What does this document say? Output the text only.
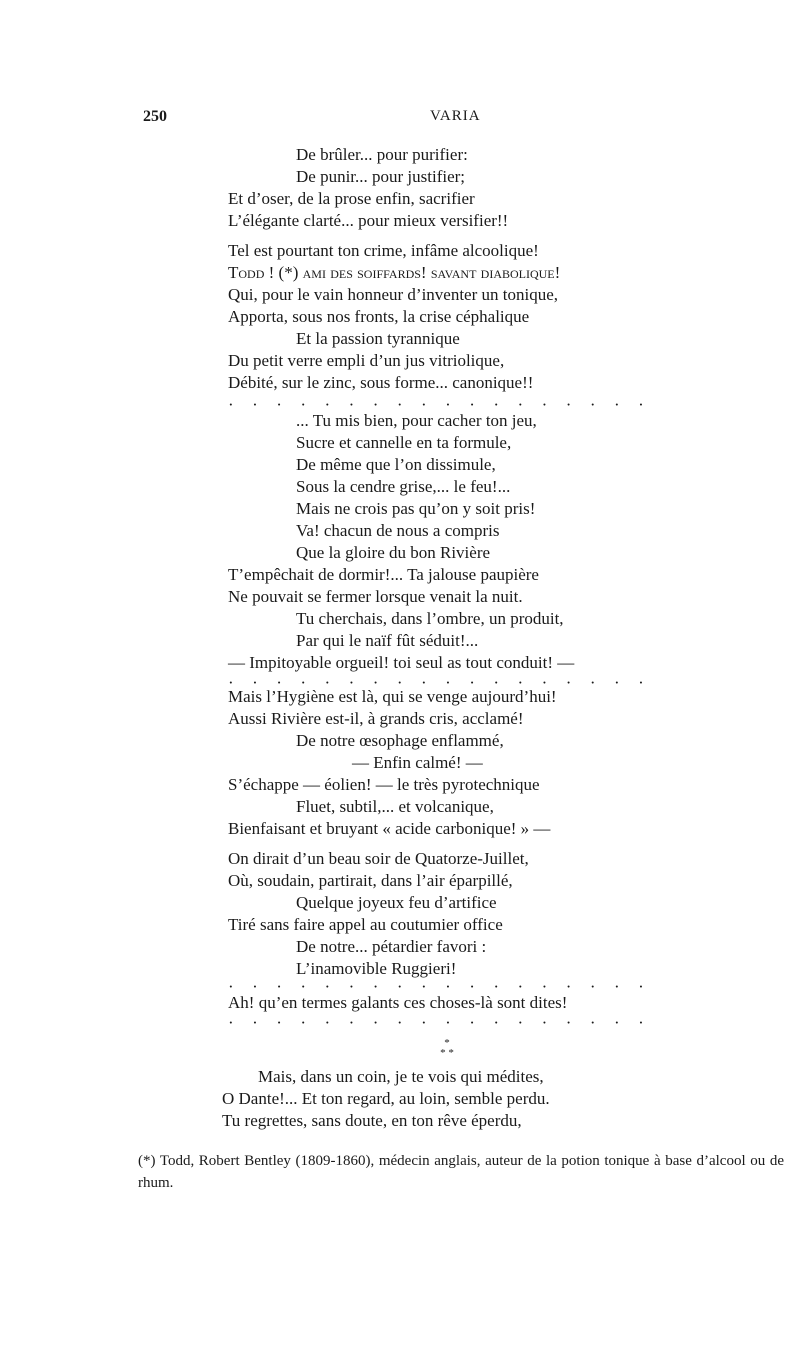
250	VARIA
De brûler... pour purifier:
De punir... pour justifier;
Et d’oser, de la prose enfin, sacrifier
L’élégante clarté... pour mieux versifier!!
Tel est pourtant ton crime, infâme alcoolique!
Todd ! (*) ami des soiffards! savant diabolique!
Qui, pour le vain honneur d’inventer un tonique,
Apporta, sous nos fronts, la crise céphalique
Et la passion tyrannique
Du petit verre empli d’un jus vitriolique,
Débité, sur le zinc, sous forme... canonique!!
· · · · · · · · · · · · · · · · · ·
... Tu mis bien, pour cacher ton jeu,
Sucre et cannelle en ta formule,
De même que l’on dissimule,
Sous la cendre grise,... le feu!...
Mais ne crois pas qu’on y soit pris!
Va! chacun de nous a compris
Que la gloire du bon Rivière
T’empêchait de dormir!... Ta jalouse paupière
Ne pouvait se fermer lorsque venait la nuit.
Tu cherchais, dans l’ombre, un produit,
Par qui le naïf fût séduit!...
— Impitoyable orgueil! toi seul as tout conduit! —
· · · · · · · · · · · · · · · · · ·
Mais l’Hygiène est là, qui se venge aujourd’hui!
Aussi Rivière est-il, à grands cris, acclamé!
De notre œsophage enflammé,
— Enfin calmé! —
S’échappe — éolien! — le très pyrotechnique
Fluet, subtil,... et volcanique,
Bienfaisant et bruyant « acide carbonique! » —
On dirait d’un beau soir de Quatorze-Juillet,
Où, soudain, partirait, dans l’air éparpillé,
Quelque joyeux feu d’artifice
Tiré sans faire appel au coutumier office
De notre... pétardier favori :
L’inamovible Ruggieri!
· · · · · · · · · · · · · · · · · ·
Ah! qu’en termes galants ces choses-là sont dites!
· · · · · · · · · · · · · · · · · ·
*
* *
Mais, dans un coin, je te vois qui médites,
O Dante!... Et ton regard, au loin, semble perdu.
Tu regrettes, sans doute, en ton rêve éperdu,
(*) Todd, Robert Bentley (1809-1860), médecin anglais, auteur de la potion tonique à base d’alcool ou de rhum.
